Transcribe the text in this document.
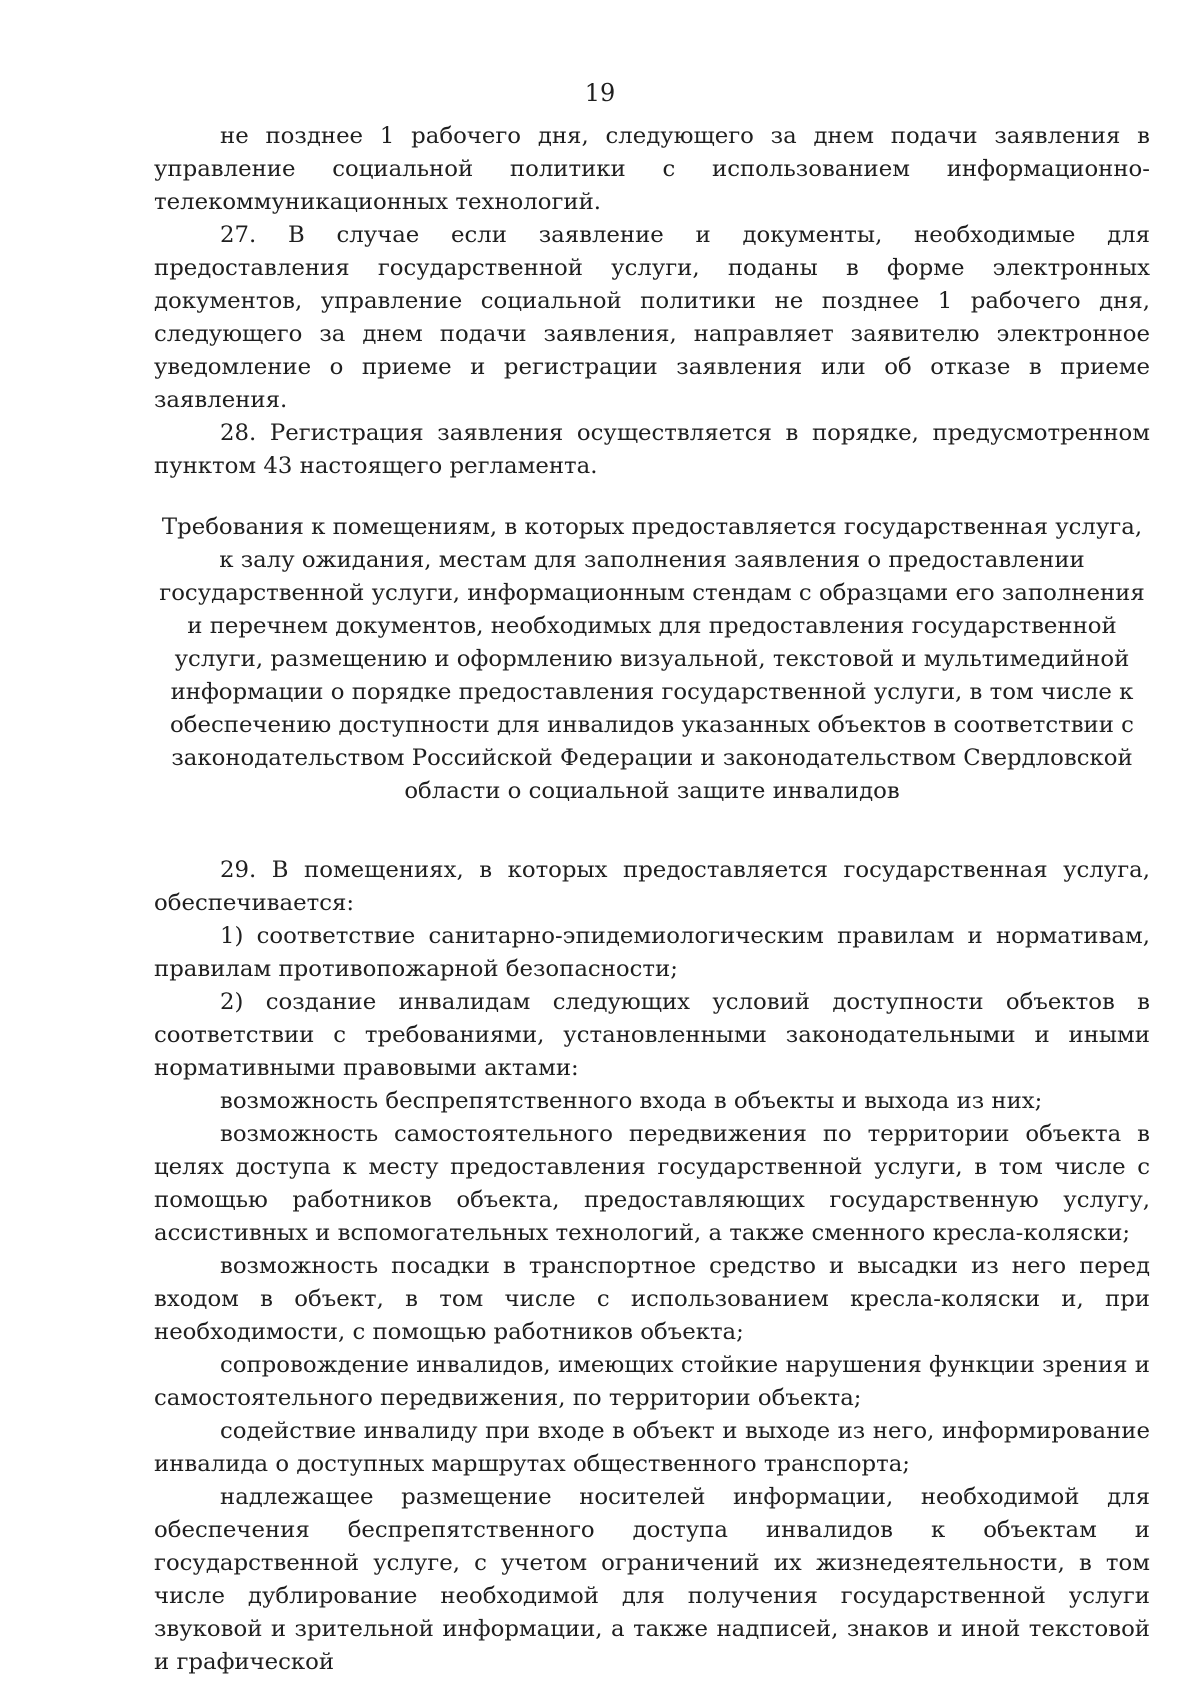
19

не позднее 1 рабочего дня, следующего за днем подачи заявления в управление социальной политики с использованием информационно-телекоммуникационных технологий.

27. В случае если заявление и документы, необходимые для предоставления государственной услуги, поданы в форме электронных документов, управление социальной политики не позднее 1 рабочего дня, следующего за днем подачи заявления, направляет заявителю электронное уведомление о приеме и регистрации заявления или об отказе в приеме заявления.

28. Регистрация заявления осуществляется в порядке, предусмотренном пунктом 43 настоящего регламента.

Требования к помещениям, в которых предоставляется государственная услуга, к залу ожидания, местам для заполнения заявления о предоставлении государственной услуги, информационным стендам с образцами его заполнения и перечнем документов, необходимых для предоставления государственной услуги, размещению и оформлению визуальной, текстовой и мультимедийной информации о порядке предоставления государственной услуги, в том числе к обеспечению доступности для инвалидов указанных объектов в соответствии с законодательством Российской Федерации и законодательством Свердловской области о социальной защите инвалидов

29. В помещениях, в которых предоставляется государственная услуга, обеспечивается:

1) соответствие санитарно-эпидемиологическим правилам и нормативам, правилам противопожарной безопасности;

2) создание инвалидам следующих условий доступности объектов в соответствии с требованиями, установленными законодательными и иными нормативными правовыми актами:

возможность беспрепятственного входа в объекты и выхода из них;

возможность самостоятельного передвижения по территории объекта в целях доступа к месту предоставления государственной услуги, в том числе с помощью работников объекта, предоставляющих государственную услугу, ассистивных и вспомогательных технологий, а также сменного кресла-коляски;

возможность посадки в транспортное средство и высадки из него перед входом в объект, в том числе с использованием кресла-коляски и, при необходимости, с помощью работников объекта;

сопровождение инвалидов, имеющих стойкие нарушения функции зрения и самостоятельного передвижения, по территории объекта;

содействие инвалиду при входе в объект и выходе из него, информирование инвалида о доступных маршрутах общественного транспорта;

надлежащее размещение носителей информации, необходимой для обеспечения беспрепятственного доступа инвалидов к объектам и государственной услуге, с учетом ограничений их жизнедеятельности, в том числе дублирование необходимой для получения государственной услуги звуковой и зрительной информации, а также надписей, знаков и иной текстовой и графической
